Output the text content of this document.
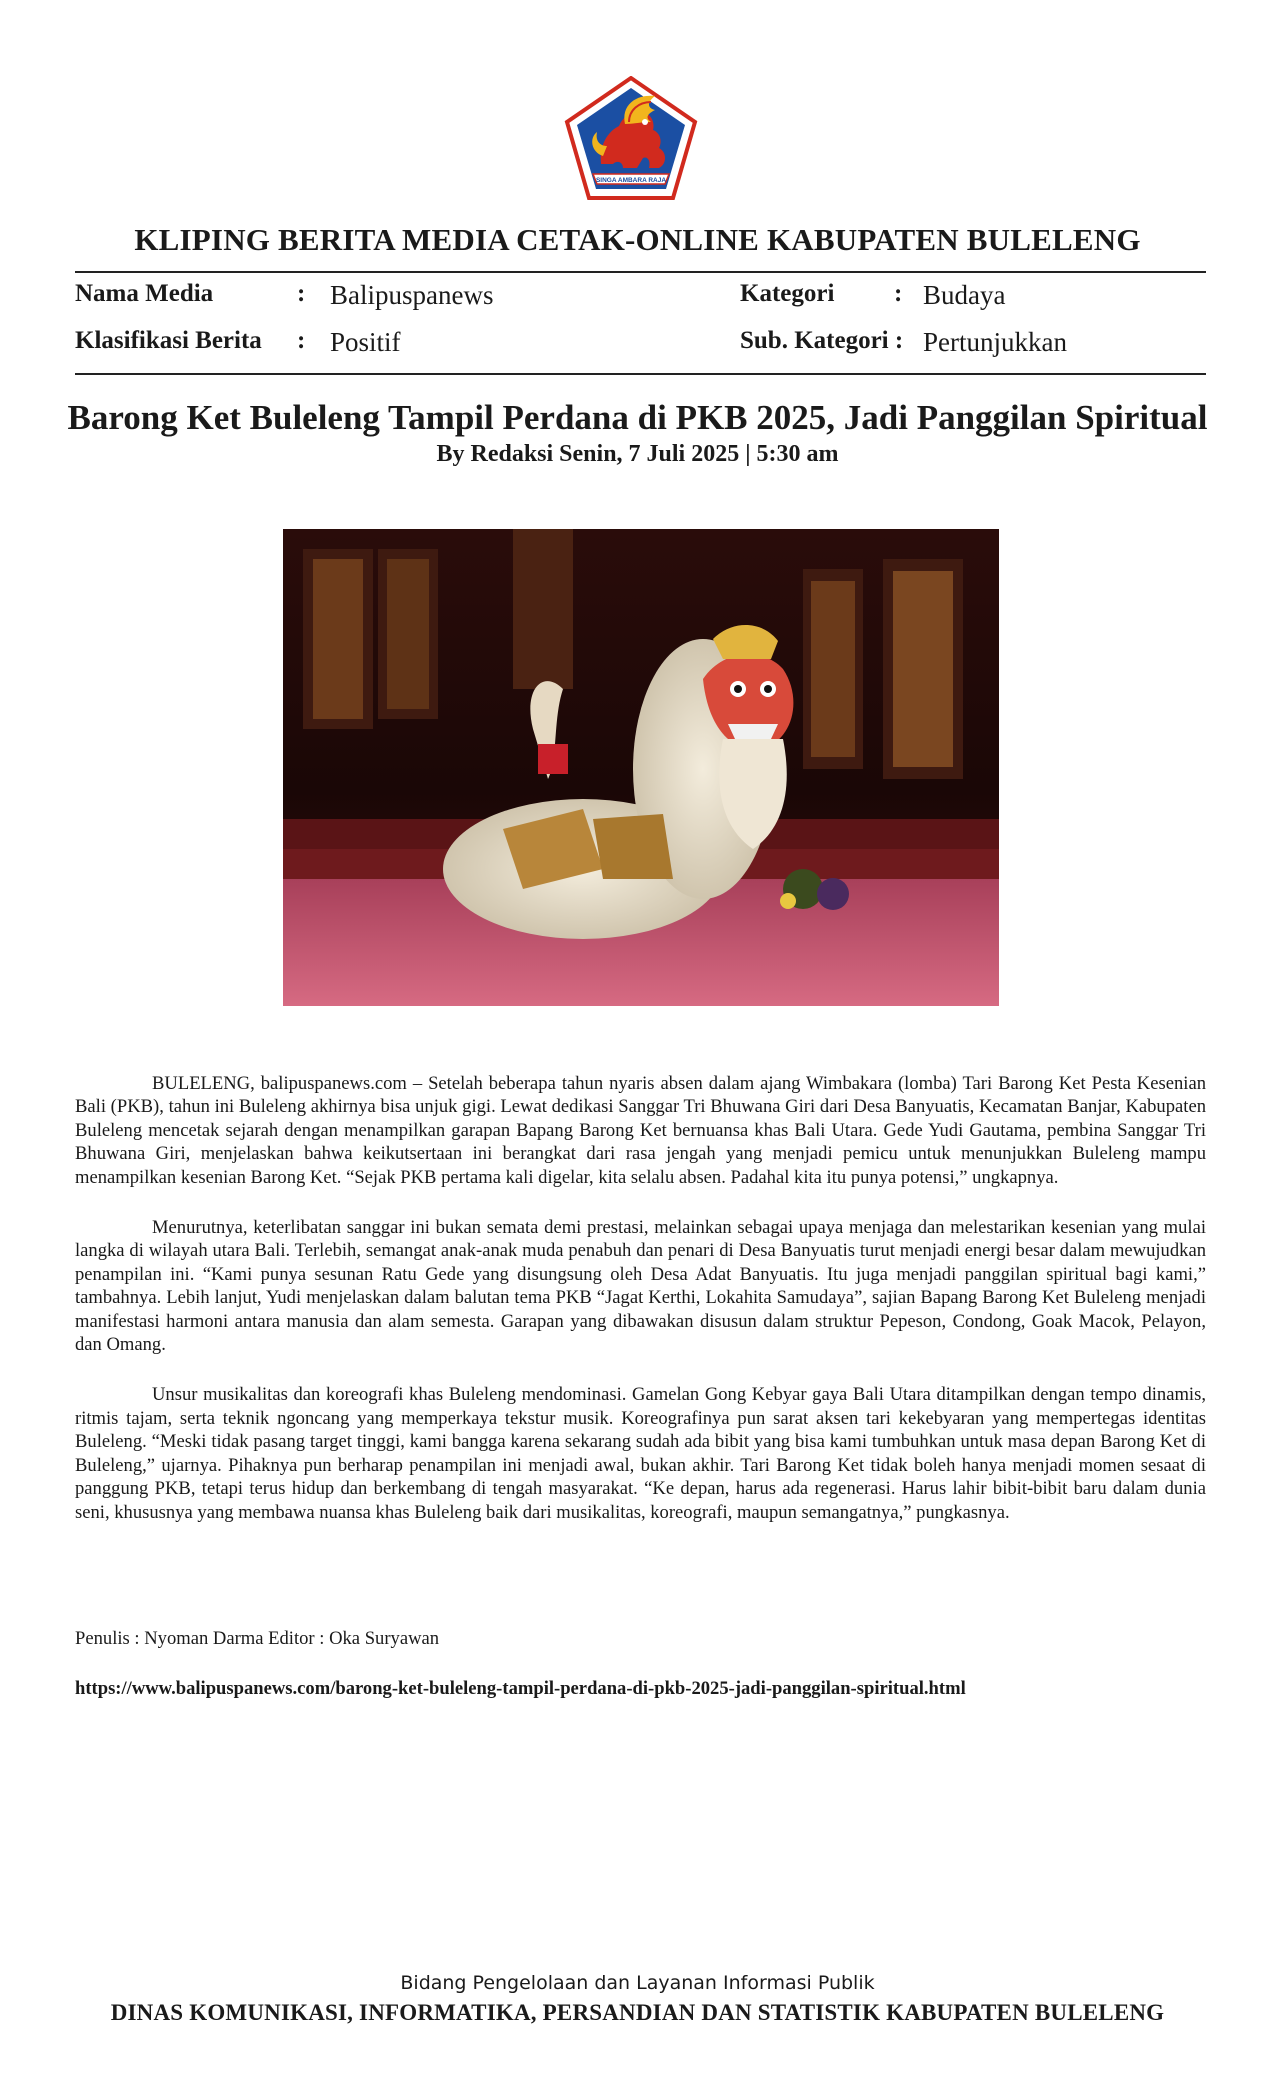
SINGA AMBARA RAJA
KLIPING BERITA MEDIA CETAK-ONLINE KABUPATEN BULELENG
Nama Media	: Balipuspanews	Kategori : Budaya
Klasifikasi Berita : Positif	Sub. Kategori : Pertunjukkan
Barong Ket Buleleng Tampil Perdana di PKB 2025, Jadi Panggilan Spiritual
By Redaksi Senin, 7 Juli 2025 | 5:30 am

BULELENG, balipuspanews.com – Setelah beberapa tahun nyaris absen dalam ajang Wimbakara (lomba) Tari Barong Ket Pesta Kesenian Bali (PKB), tahun ini Buleleng akhirnya bisa unjuk gigi. Lewat dedikasi Sanggar Tri Bhuwana Giri dari Desa Banyuatis, Kecamatan Banjar, Kabupaten Buleleng mencetak sejarah dengan menampilkan garapan Bapang Barong Ket bernuansa khas Bali Utara. Gede Yudi Gautama, pembina Sanggar Tri Bhuwana Giri, menjelaskan bahwa keikutsertaan ini berangkat dari rasa jengah yang menjadi pemicu untuk menunjukkan Buleleng mampu menampilkan kesenian Barong Ket. “Sejak PKB pertama kali digelar, kita selalu absen. Padahal kita itu punya potensi,” ungkapnya.

Menurutnya, keterlibatan sanggar ini bukan semata demi prestasi, melainkan sebagai upaya menjaga dan melestarikan kesenian yang mulai langka di wilayah utara Bali. Terlebih, semangat anak-anak muda penabuh dan penari di Desa Banyuatis turut menjadi energi besar dalam mewujudkan penampilan ini. “Kami punya sesunan Ratu Gede yang disungsung oleh Desa Adat Banyuatis. Itu juga menjadi panggilan spiritual bagi kami,” tambahnya. Lebih lanjut, Yudi menjelaskan dalam balutan tema PKB “Jagat Kerthi, Lokahita Samudaya”, sajian Bapang Barong Ket Buleleng menjadi manifestasi harmoni antara manusia dan alam semesta. Garapan yang dibawakan disusun dalam struktur Pepeson, Condong, Goak Macok, Pelayon, dan Omang.

Unsur musikalitas dan koreografi khas Buleleng mendominasi. Gamelan Gong Kebyar gaya Bali Utara ditampilkan dengan tempo dinamis, ritmis tajam, serta teknik ngoncang yang memperkaya tekstur musik. Koreografinya pun sarat aksen tari kekebyaran yang mempertegas identitas Buleleng. “Meski tidak pasang target tinggi, kami bangga karena sekarang sudah ada bibit yang bisa kami tumbuhkan untuk masa depan Barong Ket di Buleleng,” ujarnya. Pihaknya pun berharap penampilan ini menjadi awal, bukan akhir. Tari Barong Ket tidak boleh hanya menjadi momen sesaat di panggung PKB, tetapi terus hidup dan berkembang di tengah masyarakat. “Ke depan, harus ada regenerasi. Harus lahir bibit-bibit baru dalam dunia seni, khususnya yang membawa nuansa khas Buleleng baik dari musikalitas, koreografi, maupun semangatnya,” pungkasnya.

Penulis : Nyoman Darma Editor : Oka Suryawan
https://www.balipuspanews.com/barong-ket-buleleng-tampil-perdana-di-pkb-2025-jadi-panggilan-spiritual.html
Bidang Pengelolaan dan Layanan Informasi Publik
DINAS KOMUNIKASI, INFORMATIKA, PERSANDIAN DAN STATISTIK KABUPATEN BULELENG
